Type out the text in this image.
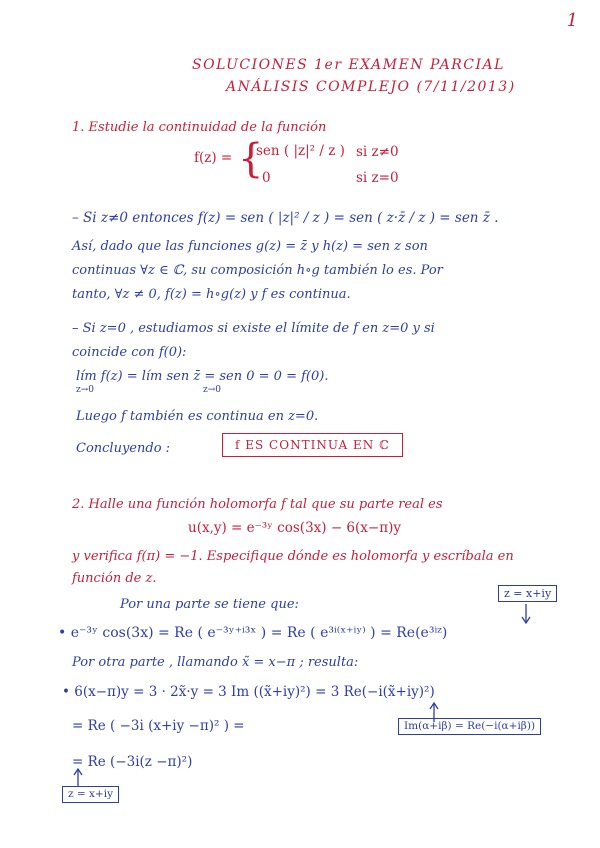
1
SOLUCIONES 1er EXAMEN PARCIAL
ANÁLISIS COMPLEJO (7/11/2013)
1. Estudie la continuidad de la función
f(z) = {
sen ( |z|² / z ) si z≠0
0	si z=0
– Si z≠0 entonces f(z) = sen ( |z|² / z ) = sen ( z·z̄ / z ) = sen z̄ .
Así, dado que las funciones g(z) = z̄ y h(z) = sen z son
continuas ∀z ∈ ℂ, su composición h∘g también lo es. Por
tanto, ∀z ≠ 0, f(z) = h∘g(z) y f es continua.
– Si z=0 , estudiamos si existe el límite de f en z=0 y si
coincide con f(0):
lím f(z) = lím sen z̄ = sen 0 = 0 = f(0).
z→0	z→0
Luego f también es continua en z=0.
Concluyendo :	f ES CONTINUA EN ℂ
2. Halle una función holomorfa f tal que su parte real es
u(x,y) = e⁻³ʸ cos(3x) − 6(x−π)y
y verifica f(π) = −1. Especifique dónde es holomorfa y escríbala en
función de z.
Por una parte se tiene que:
z = x+iy
• e⁻³ʸ cos(3x) = Re ( e⁻³ʸ⁺ⁱ³ˣ ) = Re ( e³ⁱ⁽ˣ⁺ⁱʸ⁾ ) = Re(e³ⁱᶻ)
Por otra parte , llamando x̃ = x−π ; resulta:
• 6(x−π)y = 3 · 2x̃·y = 3 Im ((x̃+iy)²) = 3 Re(−i(x̃+iy)²)
= Re ( −3i (x+iy −π)² ) =	Im(α+iβ) = Re(−i(α+iβ))
= Re (−3i(z −π)²)
z = x+iy
